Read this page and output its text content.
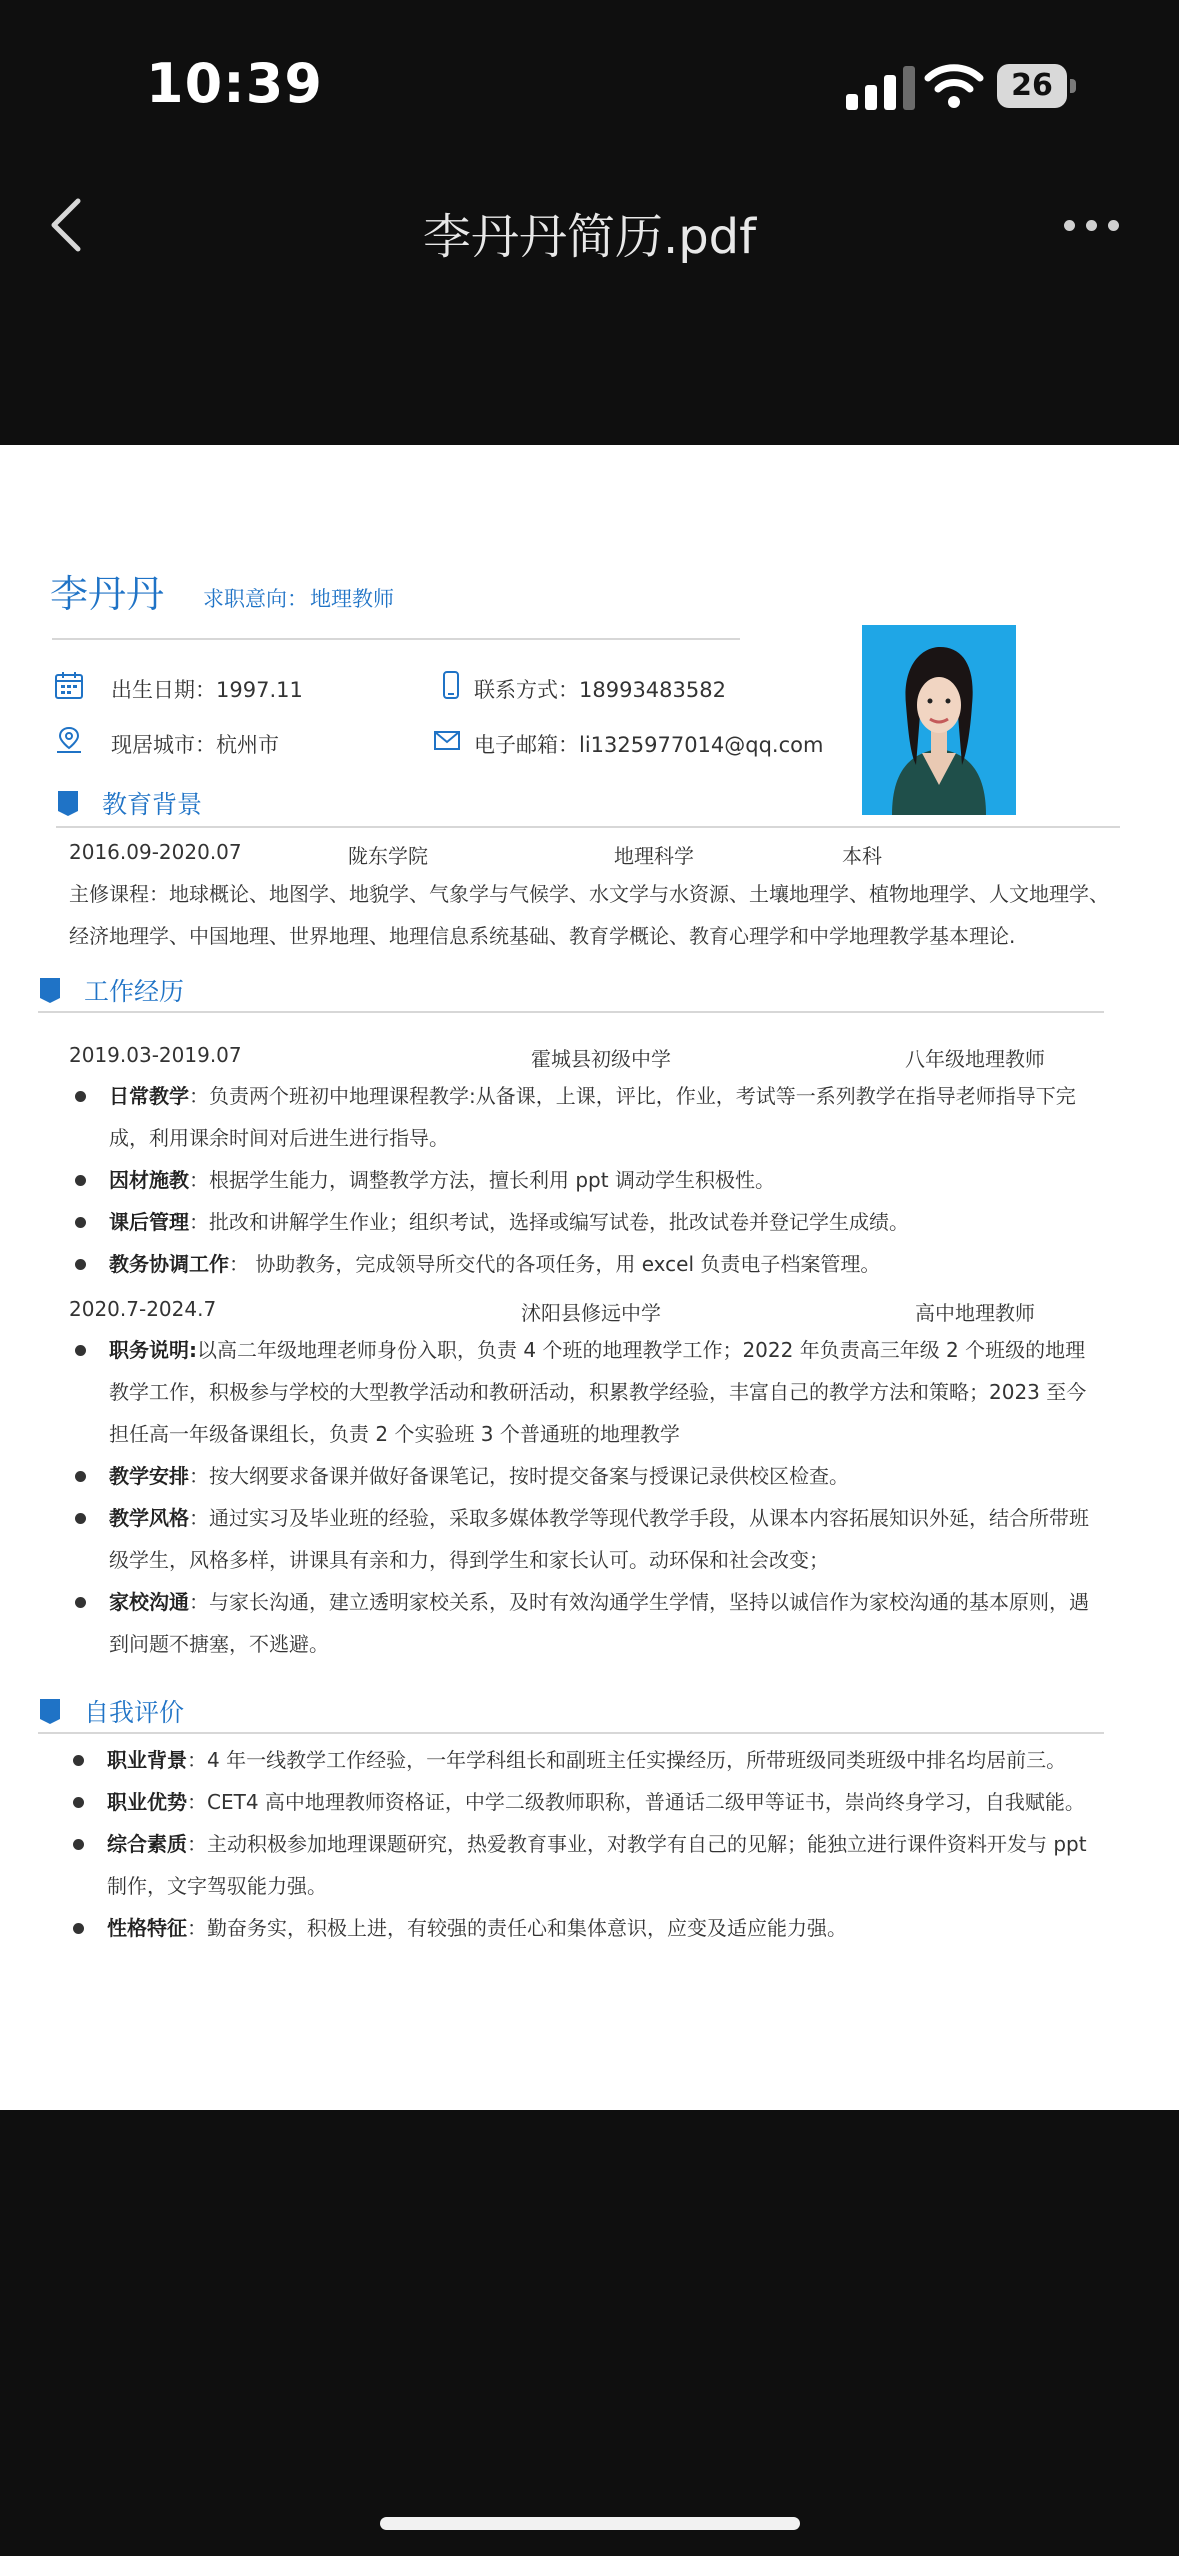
10:39	26
李丹丹简历.pdf
李丹丹 求职意向：地理教师
出生日期：1997.11	联系方式：18993483582
现居城市：杭州市	电子邮箱：li1325977014@qq.com
教育背景
2016.09-2020.07	陇东学院	地理科学	本科
主修课程：地球概论、地图学、地貌学、气象学与气候学、水文学与水资源、土壤地理学、植物地理学、人文地理学、经济地理学、中国地理、世界地理、地理信息系统基础、教育学概论、教育心理学和中学地理教学基本理论.
工作经历
2019.03-2019.07	霍城县初级中学	八年级地理教师
日常教学：负责两个班初中地理课程教学:从备课，上课，评比，作业，考试等一系列教学在指导老师指导下完成，利用课余时间对后进生进行指导。
因材施教：根据学生能力，调整教学方法，擅长利用 ppt 调动学生积极性。
课后管理：批改和讲解学生作业；组织考试，选择或编写试卷，批改试卷并登记学生成绩。
教务协调工作： 协助教务，完成领导所交代的各项任务，用 excel 负责电子档案管理。
2020.7-2024.7	沭阳县修远中学	高中地理教师
职务说明:以高二年级地理老师身份入职，负责 4 个班的地理教学工作；2022 年负责高三年级 2 个班级的地理教学工作，积极参与学校的大型教学活动和教研活动，积累教学经验，丰富自己的教学方法和策略；2023 至今担任高一年级备课组长，负责 2 个实验班 3 个普通班的地理教学
教学安排：按大纲要求备课并做好备课笔记，按时提交备案与授课记录供校区检查。
教学风格：通过实习及毕业班的经验，采取多媒体教学等现代教学手段，从课本内容拓展知识外延，结合所带班级学生，风格多样，讲课具有亲和力，得到学生和家长认可。动环保和社会改变；
家校沟通：与家长沟通，建立透明家校关系，及时有效沟通学生学情，坚持以诚信作为家校沟通的基本原则，遇到问题不搪塞，不逃避。
自我评价
职业背景：4 年一线教学工作经验，一年学科组长和副班主任实操经历，所带班级同类班级中排名均居前三。
职业优势：CET4 高中地理教师资格证，中学二级教师职称，普通话二级甲等证书，崇尚终身学习，自我赋能。
综合素质：主动积极参加地理课题研究，热爱教育事业，对教学有自己的见解；能独立进行课件资料开发与 ppt 制作，文字驾驭能力强。
性格特征：勤奋务实，积极上进，有较强的责任心和集体意识，应变及适应能力强。
